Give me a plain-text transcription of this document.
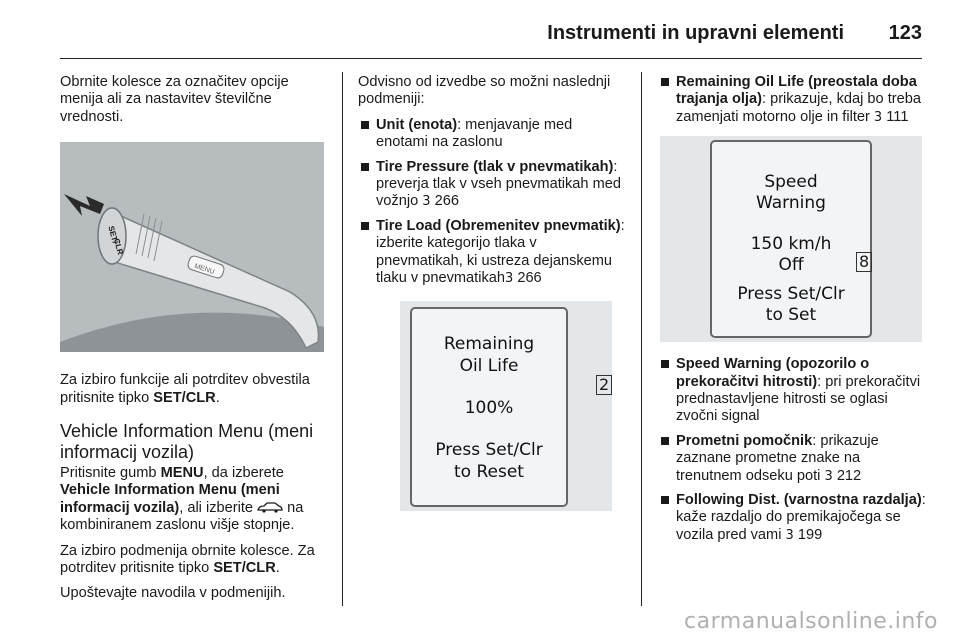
Instrumenti in upravni elementi 123

Obrnite kolesce za označitev opcije menija ali za nastavitev številčne vrednosti.

SET/
CLR
MENU

Za izbiro funkcije ali potrditev obvestila pritisnite tipko SET/CLR.

Vehicle Information Menu (meni informacij vozila)

Pritisnite gumb MENU, da izberete Vehicle Information Menu (meni informacij vozila), ali izberite  na kombiniranem zaslonu višje stopnje.

Za izbiro podmenija obrnite kolesce. Za potrditev pritisnite tipko SET/CLR.

Upoštevajte navodila v podmenijih.

Odvisno od izvedbe so možni naslednji podmeniji:

Unit (enota): menjavanje med enotami na zaslonu
Tire Pressure (tlak v pnevmatikah): preverja tlak v vseh pnevmatikah med vožnjo 3 266
Tire Load (Obremenitev pnevmatik): izberite kategorijo tlaka v pnevmatikah, ki ustreza dejanskemu tlaku v pnevmatikah3 266
Remaining
Oil Life
100%
Press Set/Clr
to Reset
2
Remaining Oil Life (preostala doba trajanja olja): prikazuje, kdaj bo treba zamenjati motorno olje in filter 3 111
Speed
Warning
150 km/h
Off
Press Set/Clr
to Set
8
Speed Warning (opozorilo o prekoračitvi hitrosti): pri prekoračitvi prednastavljene hitrosti se oglasi zvočni signal
Prometni pomočnik: prikazuje zaznane prometne znake na trenutnem odseku poti 3 212
Following Dist. (varnostna razdalja): kaže razdaljo do premikajočega se vozila pred vami 3 199
carmanualsonline.info
